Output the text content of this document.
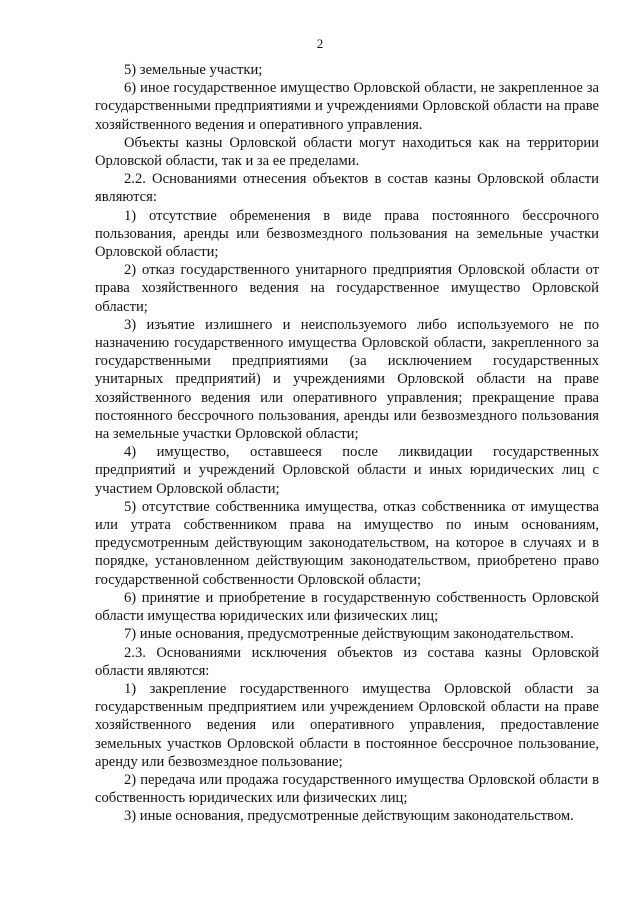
2

5) земельные участки;

6) иное государственное имущество Орловской области, не закрепленное за государственными предприятиями и учреждениями Орловской области на праве хозяйственного ведения и оперативного управления.

Объекты казны Орловской области могут находиться как на территории Орловской области, так и за ее пределами.

2.2. Основаниями отнесения объектов в состав казны Орловской области являются:

1) отсутствие обременения в виде права постоянного бессрочного пользования, аренды или безвозмездного пользования на земельные участки Орловской области;

2) отказ государственного унитарного предприятия Орловской области от права хозяйственного ведения на государственное имущество Орловской области;

3) изъятие излишнего и неиспользуемого либо используемого не по назначению государственного имущества Орловской области, закрепленного за государственными предприятиями (за исключением государственных унитарных предприятий) и учреждениями Орловской области на праве хозяйственного ведения или оперативного управления; прекращение права постоянного бессрочного пользования, аренды или безвозмездного пользования на земельные участки Орловской области;

4) имущество, оставшееся после ликвидации государственных предприятий и учреждений Орловской области и иных юридических лиц с участием Орловской области;

5) отсутствие собственника имущества, отказ собственника от имущества или утрата собственником права на имущество по иным основаниям, предусмотренным действующим законодательством, на которое в случаях и в порядке, установленном действующим законодательством, приобретено право государственной собственности Орловской области;

6) принятие и приобретение в государственную собственность Орловской области имущества юридических или физических лиц;

7) иные основания, предусмотренные действующим законодательством.

2.3. Основаниями исключения объектов из состава казны Орловской области являются:

1) закрепление государственного имущества Орловской области за государственным предприятием или учреждением Орловской области на праве хозяйственного ведения или оперативного управления, предоставление земельных участков Орловской области в постоянное бессрочное пользование, аренду или безвозмездное пользование;

2) передача или продажа государственного имущества Орловской области в собственность юридических или физических лиц;

3) иные основания, предусмотренные действующим законодательством.
